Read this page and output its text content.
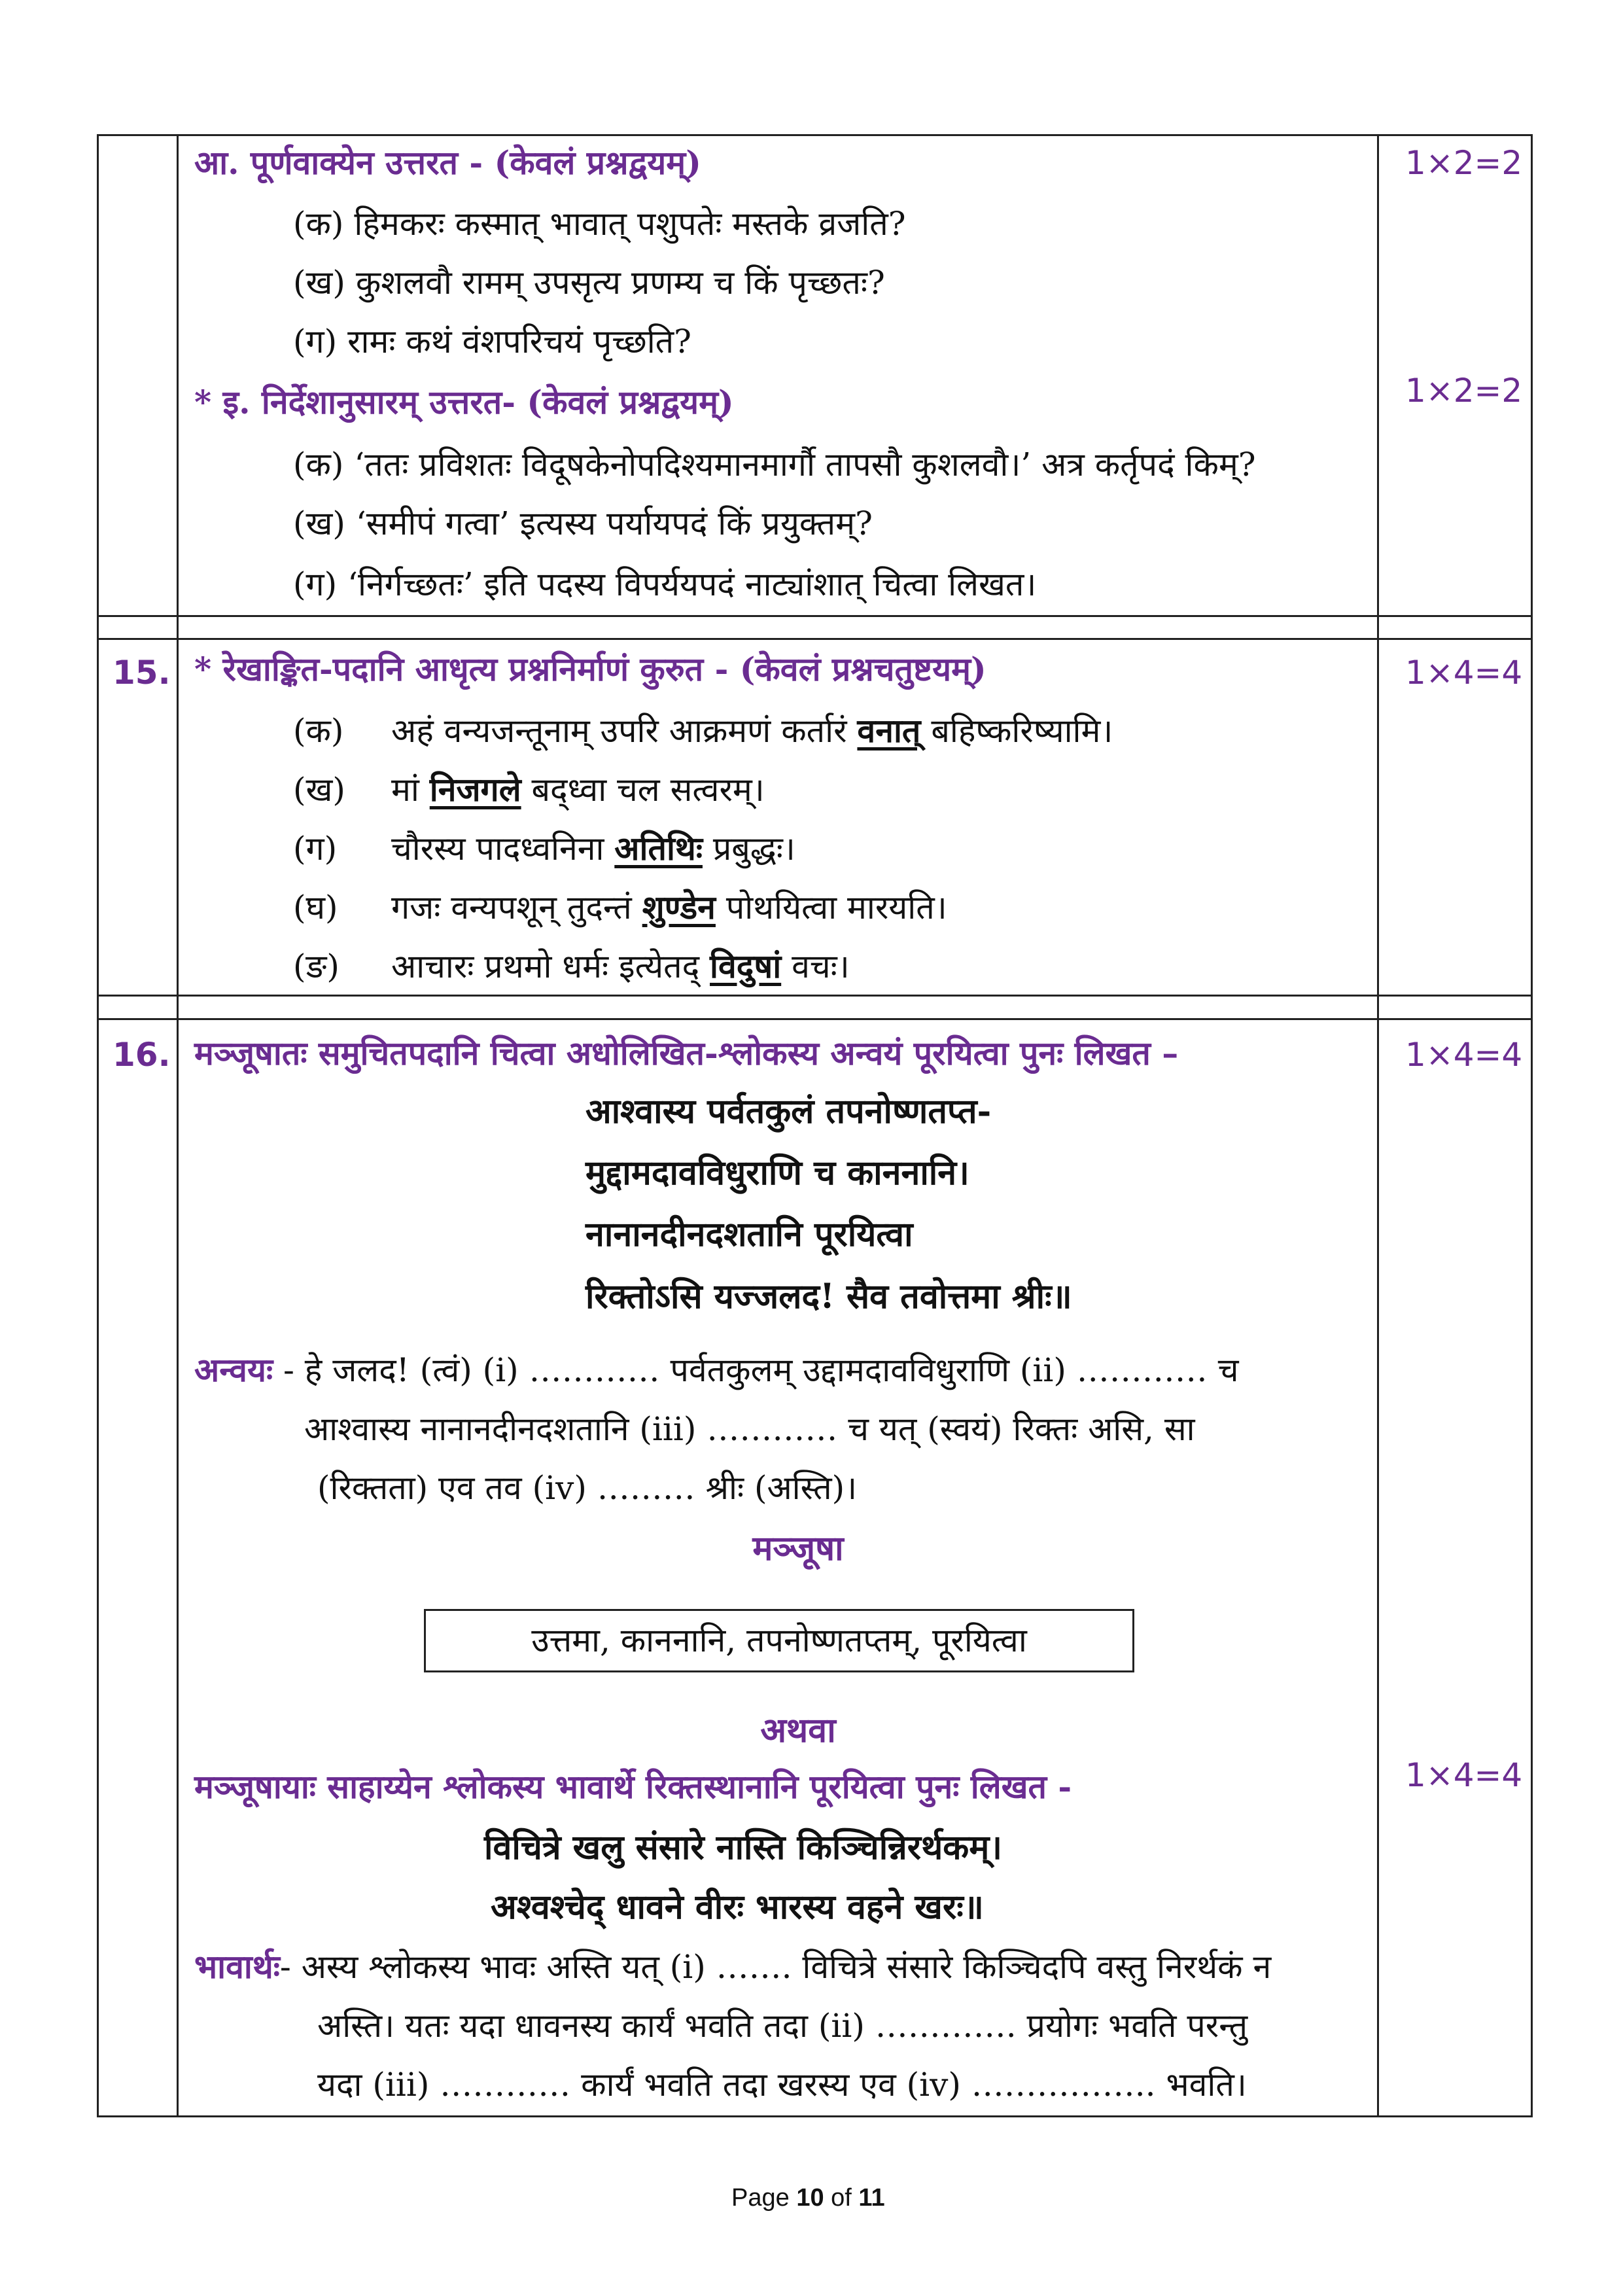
आ. पूर्णवाक्येन उत्तरत - (केवलं प्रश्नद्वयम्)	1×2=2
(क) हिमकरः कस्मात् भावात् पशुपतेः मस्तके व्रजति?
(ख) कुशलवौ रामम् उपसृत्य प्रणम्य च किं पृच्छतः?
(ग) रामः कथं वंशपरिचयं पृच्छति?
* इ. निर्देशानुसारम् उत्तरत- (केवलं प्रश्नद्वयम्)	1×2=2
(क) ‘ततः प्रविशतः विदूषकेनोपदिश्यमानमार्गौ तापसौ कुशलवौ।’ अत्र कर्तृपदं किम्?
(ख) ‘समीपं गत्वा’ इत्यस्य पर्यायपदं किं प्रयुक्तम्?
(ग) ‘निर्गच्छतः’ इति पदस्य विपर्ययपदं नाट्यांशात् चित्वा लिखत।
15. * रेखाङ्कित-पदानि आधृत्य प्रश्ननिर्माणं कुरुत - (केवलं प्रश्नचतुष्टयम्)	1×4=4
(क) अहं वन्यजन्तूनाम् उपरि आक्रमणं कर्तारं वनात् बहिष्करिष्यामि।
(ख) मां निजगले बद्ध्वा चल सत्वरम्।
(ग) चौरस्य पादध्वनिना अतिथिः प्रबुद्धः।
(घ) गजः वन्यपशून् तुदन्तं शुण्डेन पोथयित्वा मारयति।
(ङ) आचारः प्रथमो धर्मः इत्येतद् विदुषां वचः।
16. मञ्जूषातः समुचितपदानि चित्वा अधोलिखित-श्लोकस्य अन्वयं पूरयित्वा पुनः लिखत –	1×4=4
आश्वास्य पर्वतकुलं तपनोष्णतप्त-
मुद्दामदावविधुराणि च काननानि।
नानानदीनदशतानि पूरयित्वा
रिक्तोऽसि यज्जलद! सैव तवोत्तमा श्रीः॥
अन्वयः - हे जलद! (त्वं) (i) ………… पर्वतकुलम् उद्दामदावविधुराणि (ii) ………… च
आश्वास्य नानानदीनदशतानि (iii) ………… च यत् (स्वयं) रिक्तः असि, सा
(रिक्तता) एव तव (iv) ……… श्रीः (अस्ति)।
मञ्जूषा
उत्तमा, काननानि, तपनोष्णतप्तम्, पूरयित्वा
अथवा
मञ्जूषायाः साहाय्येन श्लोकस्य भावार्थे रिक्तस्थानानि पूरयित्वा पुनः लिखत -	1×4=4
विचित्रे खलु संसारे नास्ति किञ्चिन्निरर्थकम्।
अश्वश्चेद् धावने वीरः भारस्य वहने खरः॥
भावार्थः- अस्य श्लोकस्य भावः अस्ति यत् (i) ……. विचित्रे संसारे किञ्चिदपि वस्तु निरर्थकं न
अस्ति। यतः यदा धावनस्य कार्यं भवति तदा (ii) …………. प्रयोगः भवति परन्तु
यदा (iii) ………… कार्यं भवति तदा खरस्य एव (iv) …………….. भवति।
Page 10 of 11
